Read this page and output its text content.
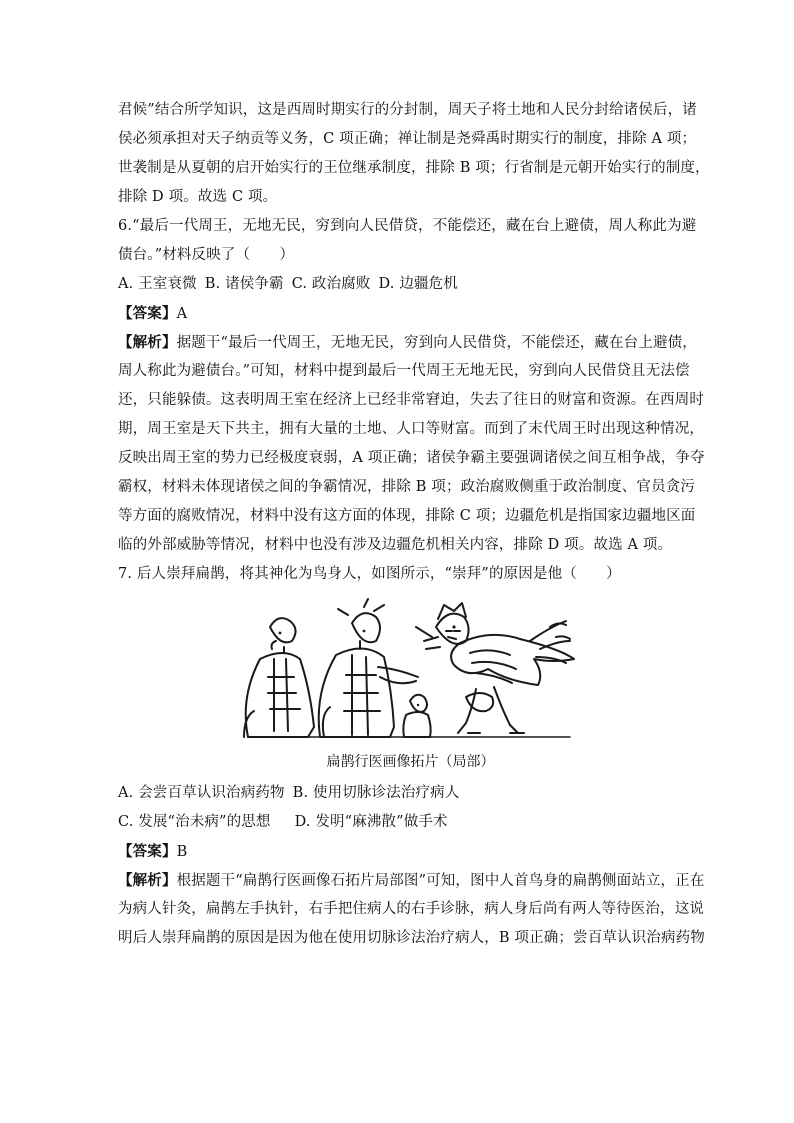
君候”结合所学知识，这是西周时期实行的分封制，周天子将土地和人民分封给诸侯后，诸
侯必须承担对天子纳贡等义务，C 项正确；禅让制是尧舜禹时期实行的制度，排除 A 项；
世袭制是从夏朝的启开始实行的王位继承制度，排除 B 项；行省制是元朝开始实行的制度，
排除 D 项。故选 C 项。
6.“最后一代周王，无地无民，穷到向人民借贷，不能偿还，藏在台上避债，周人称此为避
债台。”材料反映了（　　）
A. 王室衰微 B. 诸侯争霸 C. 政治腐败 D. 边疆危机
【答案】A
【解析】据题干“最后一代周王，无地无民，穷到向人民借贷，不能偿还，藏在台上避债，
周人称此为避债台。”可知，材料中提到最后一代周王无地无民，穷到向人民借贷且无法偿
还，只能躲债。这表明周王室在经济上已经非常窘迫，失去了往日的财富和资源。在西周时
期，周王室是天下共主，拥有大量的土地、人口等财富。而到了末代周王时出现这种情况，
反映出周王室的势力已经极度衰弱，A 项正确；诸侯争霸主要强调诸侯之间互相争战，争夺
霸权，材料未体现诸侯之间的争霸情况，排除 B 项；政治腐败侧重于政治制度、官员贪污
等方面的腐败情况，材料中没有这方面的体现，排除 C 项；边疆危机是指国家边疆地区面
临的外部威胁等情况，材料中也没有涉及边疆危机相关内容，排除 D 项。故选 A 项。
7. 后人崇拜扁鹊，将其神化为鸟身人，如图所示，“崇拜”的原因是他（　　）
扁鹊行医画像拓片（局部）
A. 会尝百草认识治病药物 B. 使用切脉诊法治疗病人
C. 发展“治未病”的思想 D. 发明“麻沸散”做手术
【答案】B
【解析】根据题干“扁鹊行医画像石拓片局部图”可知，图中人首鸟身的扁鹊侧面站立，正在
为病人针灸，扁鹊左手执针，右手把住病人的右手诊脉，病人身后尚有两人等待医治，这说
明后人崇拜扁鹊的原因是因为他在使用切脉诊法治疗病人，B 项正确；尝百草认识治病药物
